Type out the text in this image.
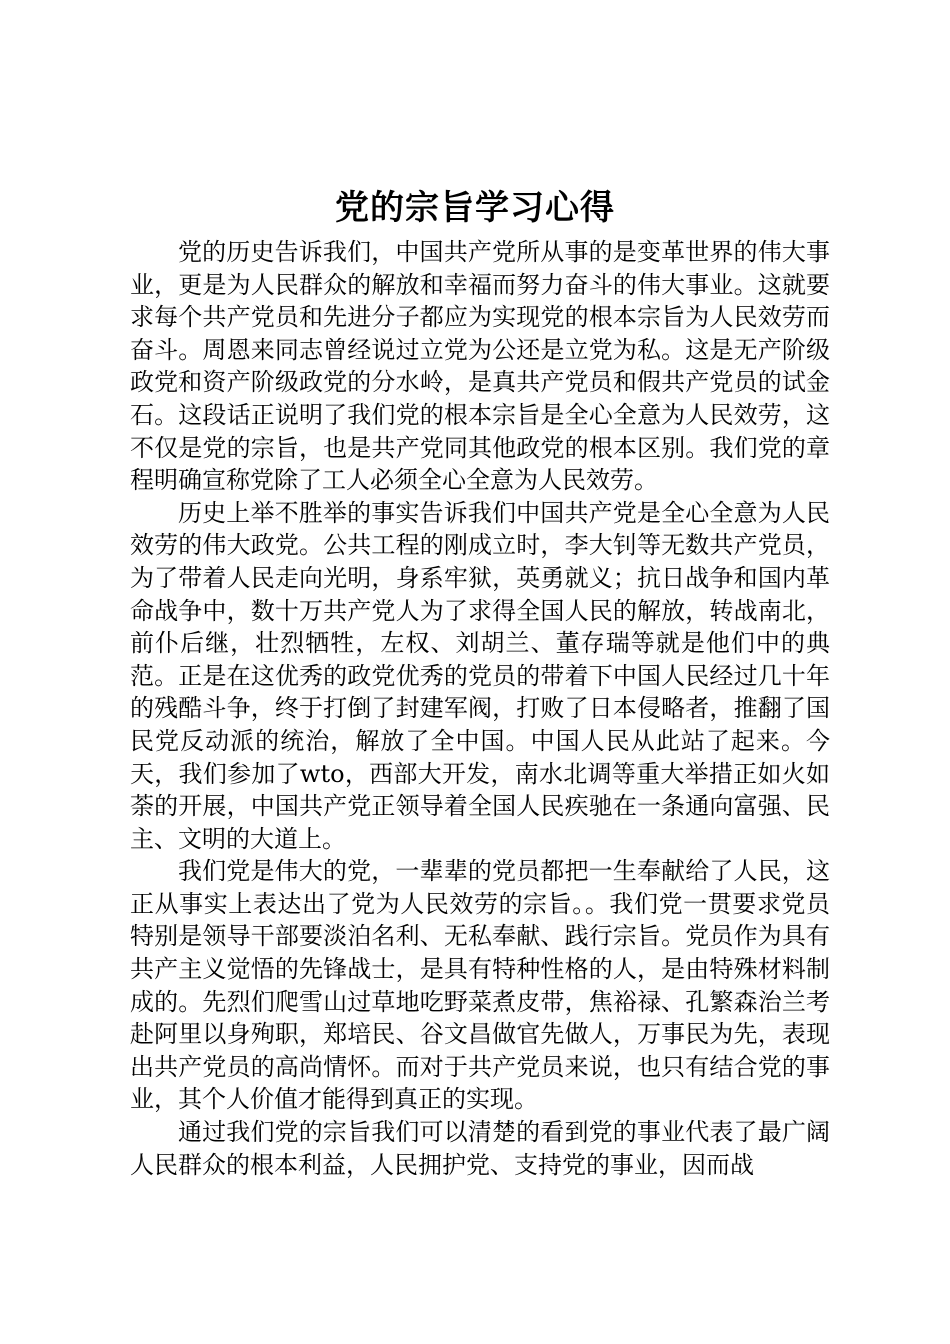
党的宗旨学习心得

党的历史告诉我们，中国共产党所从事的是变革世界的伟大事业，更是为人民群众的解放和幸福而努力奋斗的伟大事业。这就要求每个共产党员和先进分子都应为实现党的根本宗旨为人民效劳而奋斗。周恩来同志曾经说过立党为公还是立党为私。这是无产阶级政党和资产阶级政党的分水岭，是真共产党员和假共产党员的试金石。这段话正说明了我们党的根本宗旨是全心全意为人民效劳，这不仅是党的宗旨，也是共产党同其他政党的根本区别。我们党的章程明确宣称党除了工人必须全心全意为人民效劳。

历史上举不胜举的事实告诉我们中国共产党是全心全意为人民效劳的伟大政党。公共工程的刚成立时，李大钊等无数共产党员，为了带着人民走向光明，身系牢狱，英勇就义；抗日战争和国内革命战争中，数十万共产党人为了求得全国人民的解放，转战南北，前仆后继，壮烈牺牲，左权、刘胡兰、董存瑞等就是他们中的典范。正是在这优秀的政党优秀的党员的带着下中国人民经过几十年的残酷斗争，终于打倒了封建军阀，打败了日本侵略者，推翻了国民党反动派的统治，解放了全中国。中国人民从此站了起来。今天，我们参加了wto，西部大开发，南水北调等重大举措正如火如荼的开展，中国共产党正领导着全国人民疾驰在一条通向富强、民主、文明的大道上。

我们党是伟大的党，一辈辈的党员都把一生奉献给了人民，这正从事实上表达出了党为人民效劳的宗旨。。我们党一贯要求党员特别是领导干部要淡泊名利、无私奉献、践行宗旨。党员作为具有共产主义觉悟的先锋战士，是具有特种性格的人，是由特殊材料制成的。先烈们爬雪山过草地吃野菜煮皮带，焦裕禄、孔繁森治兰考赴阿里以身殉职，郑培民、谷文昌做官先做人，万事民为先，表现出共产党员的高尚情怀。而对于共产党员来说，也只有结合党的事业，其个人价值才能得到真正的实现。

通过我们党的宗旨我们可以清楚的看到党的事业代表了最广阔人民群众的根本利益，人民拥护党、支持党的事业，因而战
